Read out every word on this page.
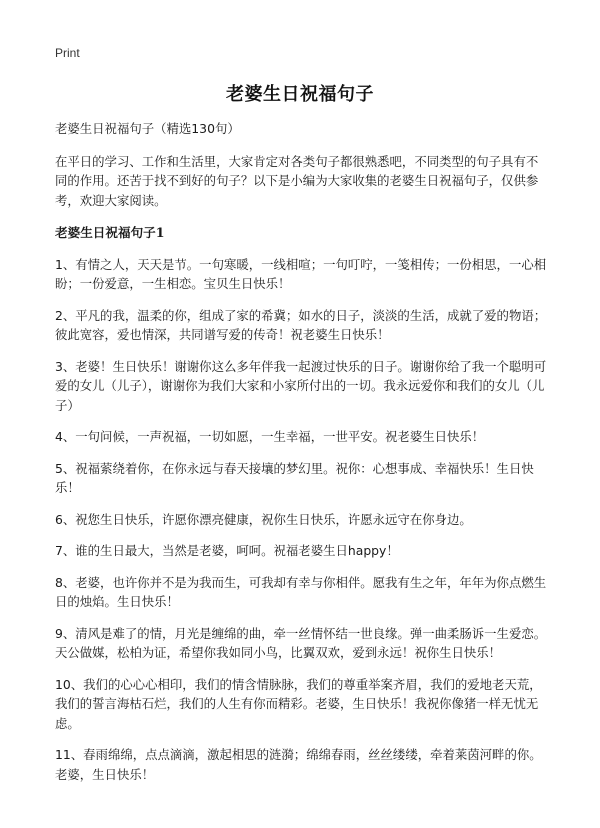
Print
老婆生日祝福句子

老婆生日祝福句子（精选130句）

在平日的学习、工作和生活里，大家肯定对各类句子都很熟悉吧，不同类型的句子具有不同的作用。还苦于找不到好的句子？以下是小编为大家收集的老婆生日祝福句子，仅供参考，欢迎大家阅读。

老婆生日祝福句子1

1、有情之人，天天是节。一句寒暖，一线相喧；一句叮咛，一笺相传；一份相思，一心相盼；一份爱意，一生相恋。宝贝生日快乐！

2、平凡的我，温柔的你，组成了家的希冀；如水的日子，淡淡的生活，成就了爱的物语；彼此宽容，爱也情深，共同谱写爱的传奇！祝老婆生日快乐！

3、老婆！生日快乐！谢谢你这么多年伴我一起渡过快乐的日子。谢谢你给了我一个聪明可爱的女儿（儿子），谢谢你为我们大家和小家所付出的一切。我永远爱你和我们的女儿（儿子）

4、一句问候，一声祝福，一切如愿，一生幸福，一世平安。祝老婆生日快乐！

5、祝福萦绕着你，在你永远与春天接壤的梦幻里。祝你：心想事成、幸福快乐！生日快乐！

6、祝您生日快乐，许愿你漂亮健康，祝你生日快乐，许愿永远守在你身边。

7、谁的生日最大，当然是老婆，呵呵。祝福老婆生日happy！

8、老婆，也许你并不是为我而生，可我却有幸与你相伴。愿我有生之年，年年为你点燃生日的烛焰。生日快乐！

9、清风是难了的情，月光是缠绵的曲，牵一丝情怀结一世良缘。弹一曲柔肠诉一生爱恋。天公做媒，松柏为证，希望你我如同小鸟，比翼双欢，爱到永远！祝你生日快乐！

10、我们的心心心相印，我们的情含情脉脉，我们的尊重举案齐眉，我们的爱地老天荒，我们的誓言海枯石烂，我们的人生有你而精彩。老婆，生日快乐！我祝你像猪一样无忧无虑。

11、春雨绵绵，点点滴滴，激起相思的涟漪；绵绵春雨，丝丝缕缕，牵着莱茵河畔的你。老婆，生日快乐！
